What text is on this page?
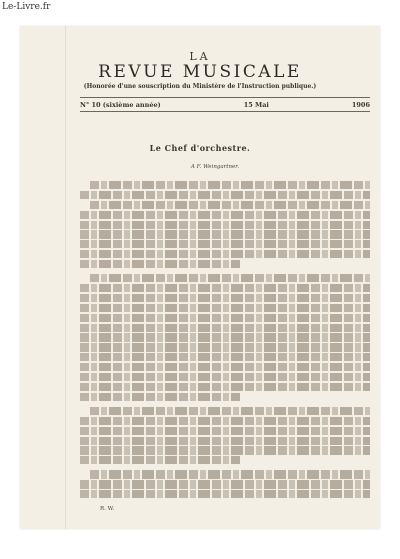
Le-Livre.fr
LA
REVUE MUSICALE
(Honorée d'une souscription du Ministère de l'Instruction publique.)
N° 10 (sixième année)	15 Mai	1906
Le Chef d'orchestre.
A F. Weingartner.
R. W.
